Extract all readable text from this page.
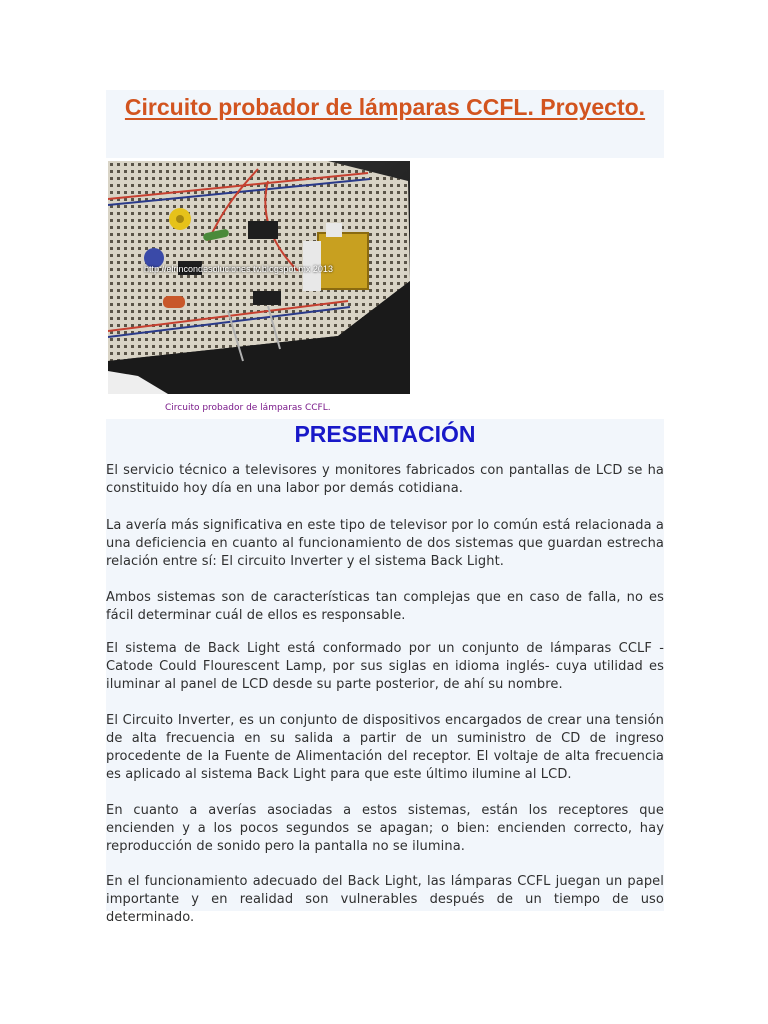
Circuito probador de lámparas CCFL. Proyecto.
http://elrincondesoluciones.tv.blogspot.mx 2013
Circuito probador de lámparas CCFL.
PRESENTACIÓN

El servicio técnico a televisores y monitores fabricados con pantallas de LCD se ha constituido hoy día en una labor por demás cotidiana.

La avería más significativa en este tipo de televisor por lo común está relacionada a una deficiencia en cuanto al funcionamiento de dos sistemas que guardan estrecha relación entre sí: El circuito Inverter y el sistema Back Light.

Ambos sistemas son de características tan complejas que en caso de falla, no es fácil determinar cuál de ellos es responsable.

El sistema de Back Light está conformado por un conjunto de lámparas CCLF -Catode Could Flourescent Lamp, por sus siglas en idioma inglés- cuya utilidad es iluminar al panel de LCD desde su parte posterior, de ahí su nombre.

El Circuito Inverter, es un conjunto de dispositivos encargados de crear una tensión de alta frecuencia en su salida a partir de un suministro de CD de ingreso procedente de la Fuente de Alimentación del receptor. El voltaje de alta frecuencia es aplicado al sistema Back Light para que este último ilumine al LCD.

En cuanto a averías asociadas a estos sistemas, están los receptores que encienden y a los pocos segundos se apagan; o bien: encienden correcto, hay reproducción de sonido pero la pantalla no se ilumina.

En el funcionamiento adecuado del Back Light, las lámparas CCFL juegan un papel importante y en realidad son vulnerables después de un tiempo de uso determinado.
